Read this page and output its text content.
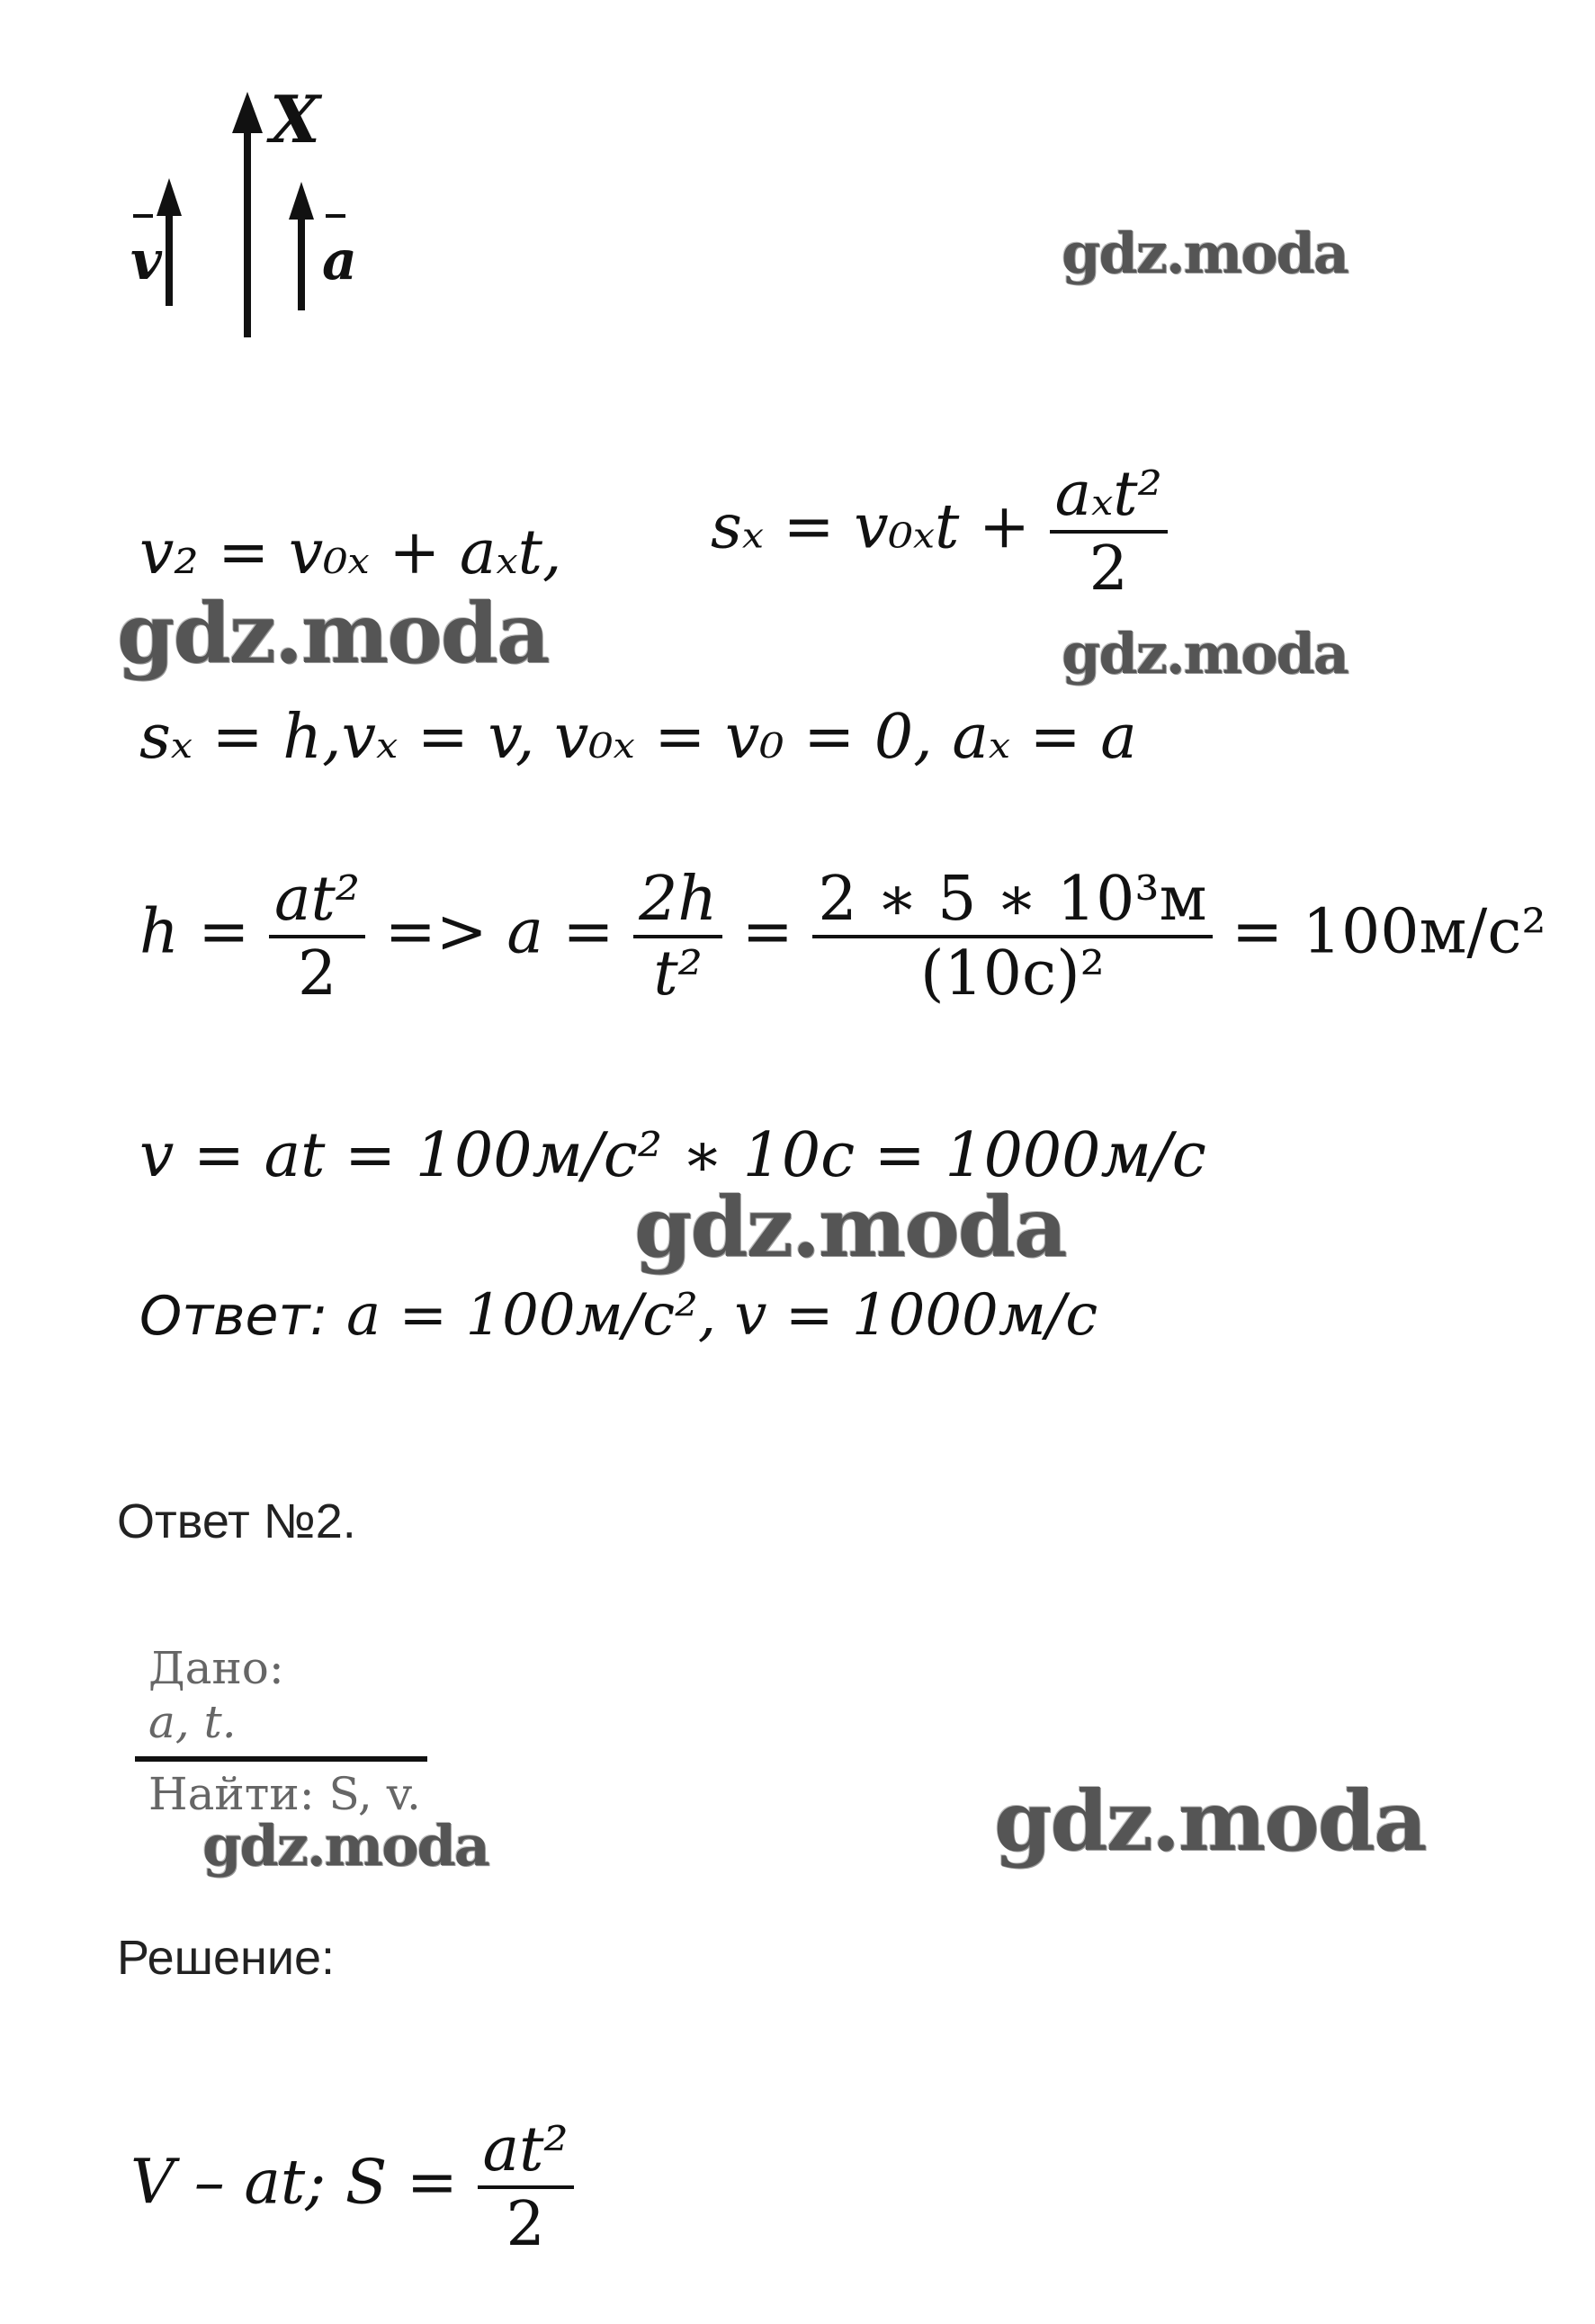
X
v	a	gdz.moda
gdz.moda	gdz.moda
gdz.moda
gdz.moda	gdz.moda
v₂ = v₀ₓ + aₓt, $s_x = v_{0x}t + \frac{\text{aₓt²}}{2}$
sₓ = h,vₓ = v, v₀ₓ = v₀ = 0, aₓ = a
$h = \frac{\text{at²}}{2} => a = \frac{2h}{\text{t²}} = \frac{\text{2 ∗ 5 ∗ 10³м}}{\text{(10с)²}} = 100м/с^2$
v = at = 100м/с² ∗ 10c = 1000м/с
Ответ: a = 100м/с², v = 1000м/с
Ответ №2.
Дано:
a, t.
Найти: S, v.
Решение:
V – at; $S = \frac{\text{at²}}{2}$
